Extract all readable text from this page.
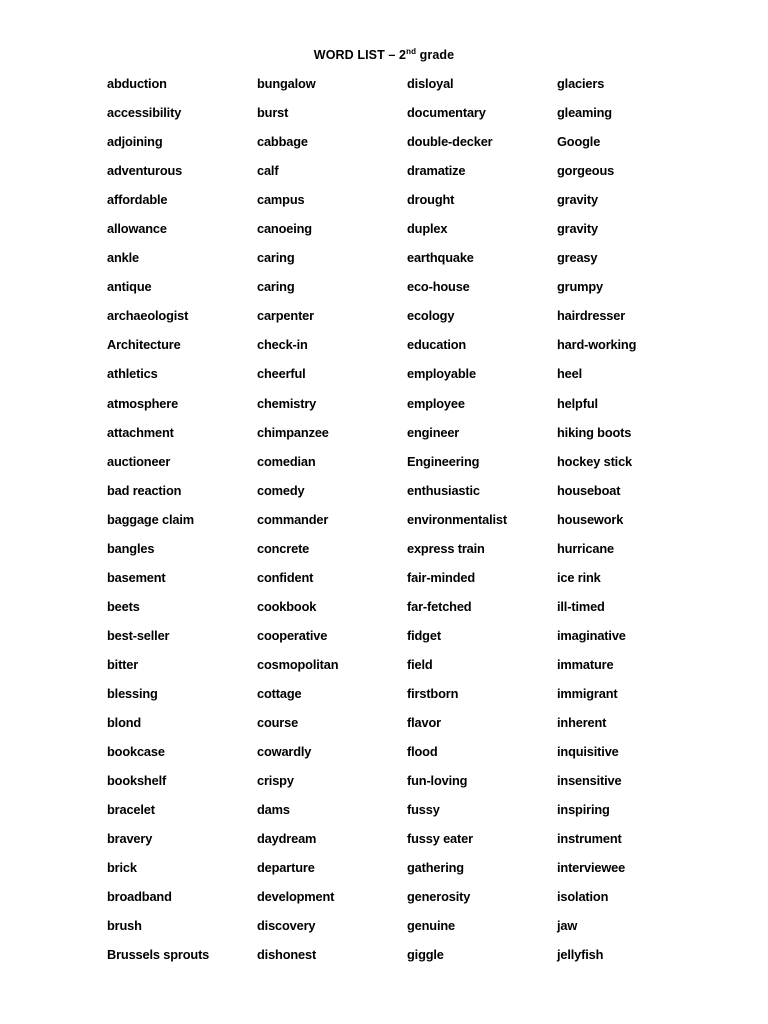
WORD LIST – 2nd grade
abduction
accessibility
adjoining
adventurous
affordable
allowance
ankle
antique
archaeologist
Architecture
athletics
atmosphere
attachment
auctioneer
bad reaction
baggage claim
bangles
basement
beets
best-seller
bitter
blessing
blond
bookcase
bookshelf
bracelet
bravery
brick
broadband
brush
Brussels sprouts
bungalow
burst
cabbage
calf
campus
canoeing
caring
caring
carpenter
check-in
cheerful
chemistry
chimpanzee
comedian
comedy
commander
concrete
confident
cookbook
cooperative
cosmopolitan
cottage
course
cowardly
crispy
dams
daydream
departure
development
discovery
dishonest
disloyal
documentary
double-decker
dramatize
drought
duplex
earthquake
eco-house
ecology
education
employable
employee
engineer
Engineering
enthusiastic
environmentalist
express train
fair-minded
far-fetched
fidget
field
firstborn
flavor
flood
fun-loving
fussy
fussy eater
gathering
generosity
genuine
giggle
glaciers
gleaming
Google
gorgeous
gravity
gravity
greasy
grumpy
hairdresser
hard-working
heel
helpful
hiking boots
hockey stick
houseboat
housework
hurricane
ice rink
ill-timed
imaginative
immature
immigrant
inherent
inquisitive
insensitive
inspiring
instrument
interviewee
isolation
jaw
jellyfish
